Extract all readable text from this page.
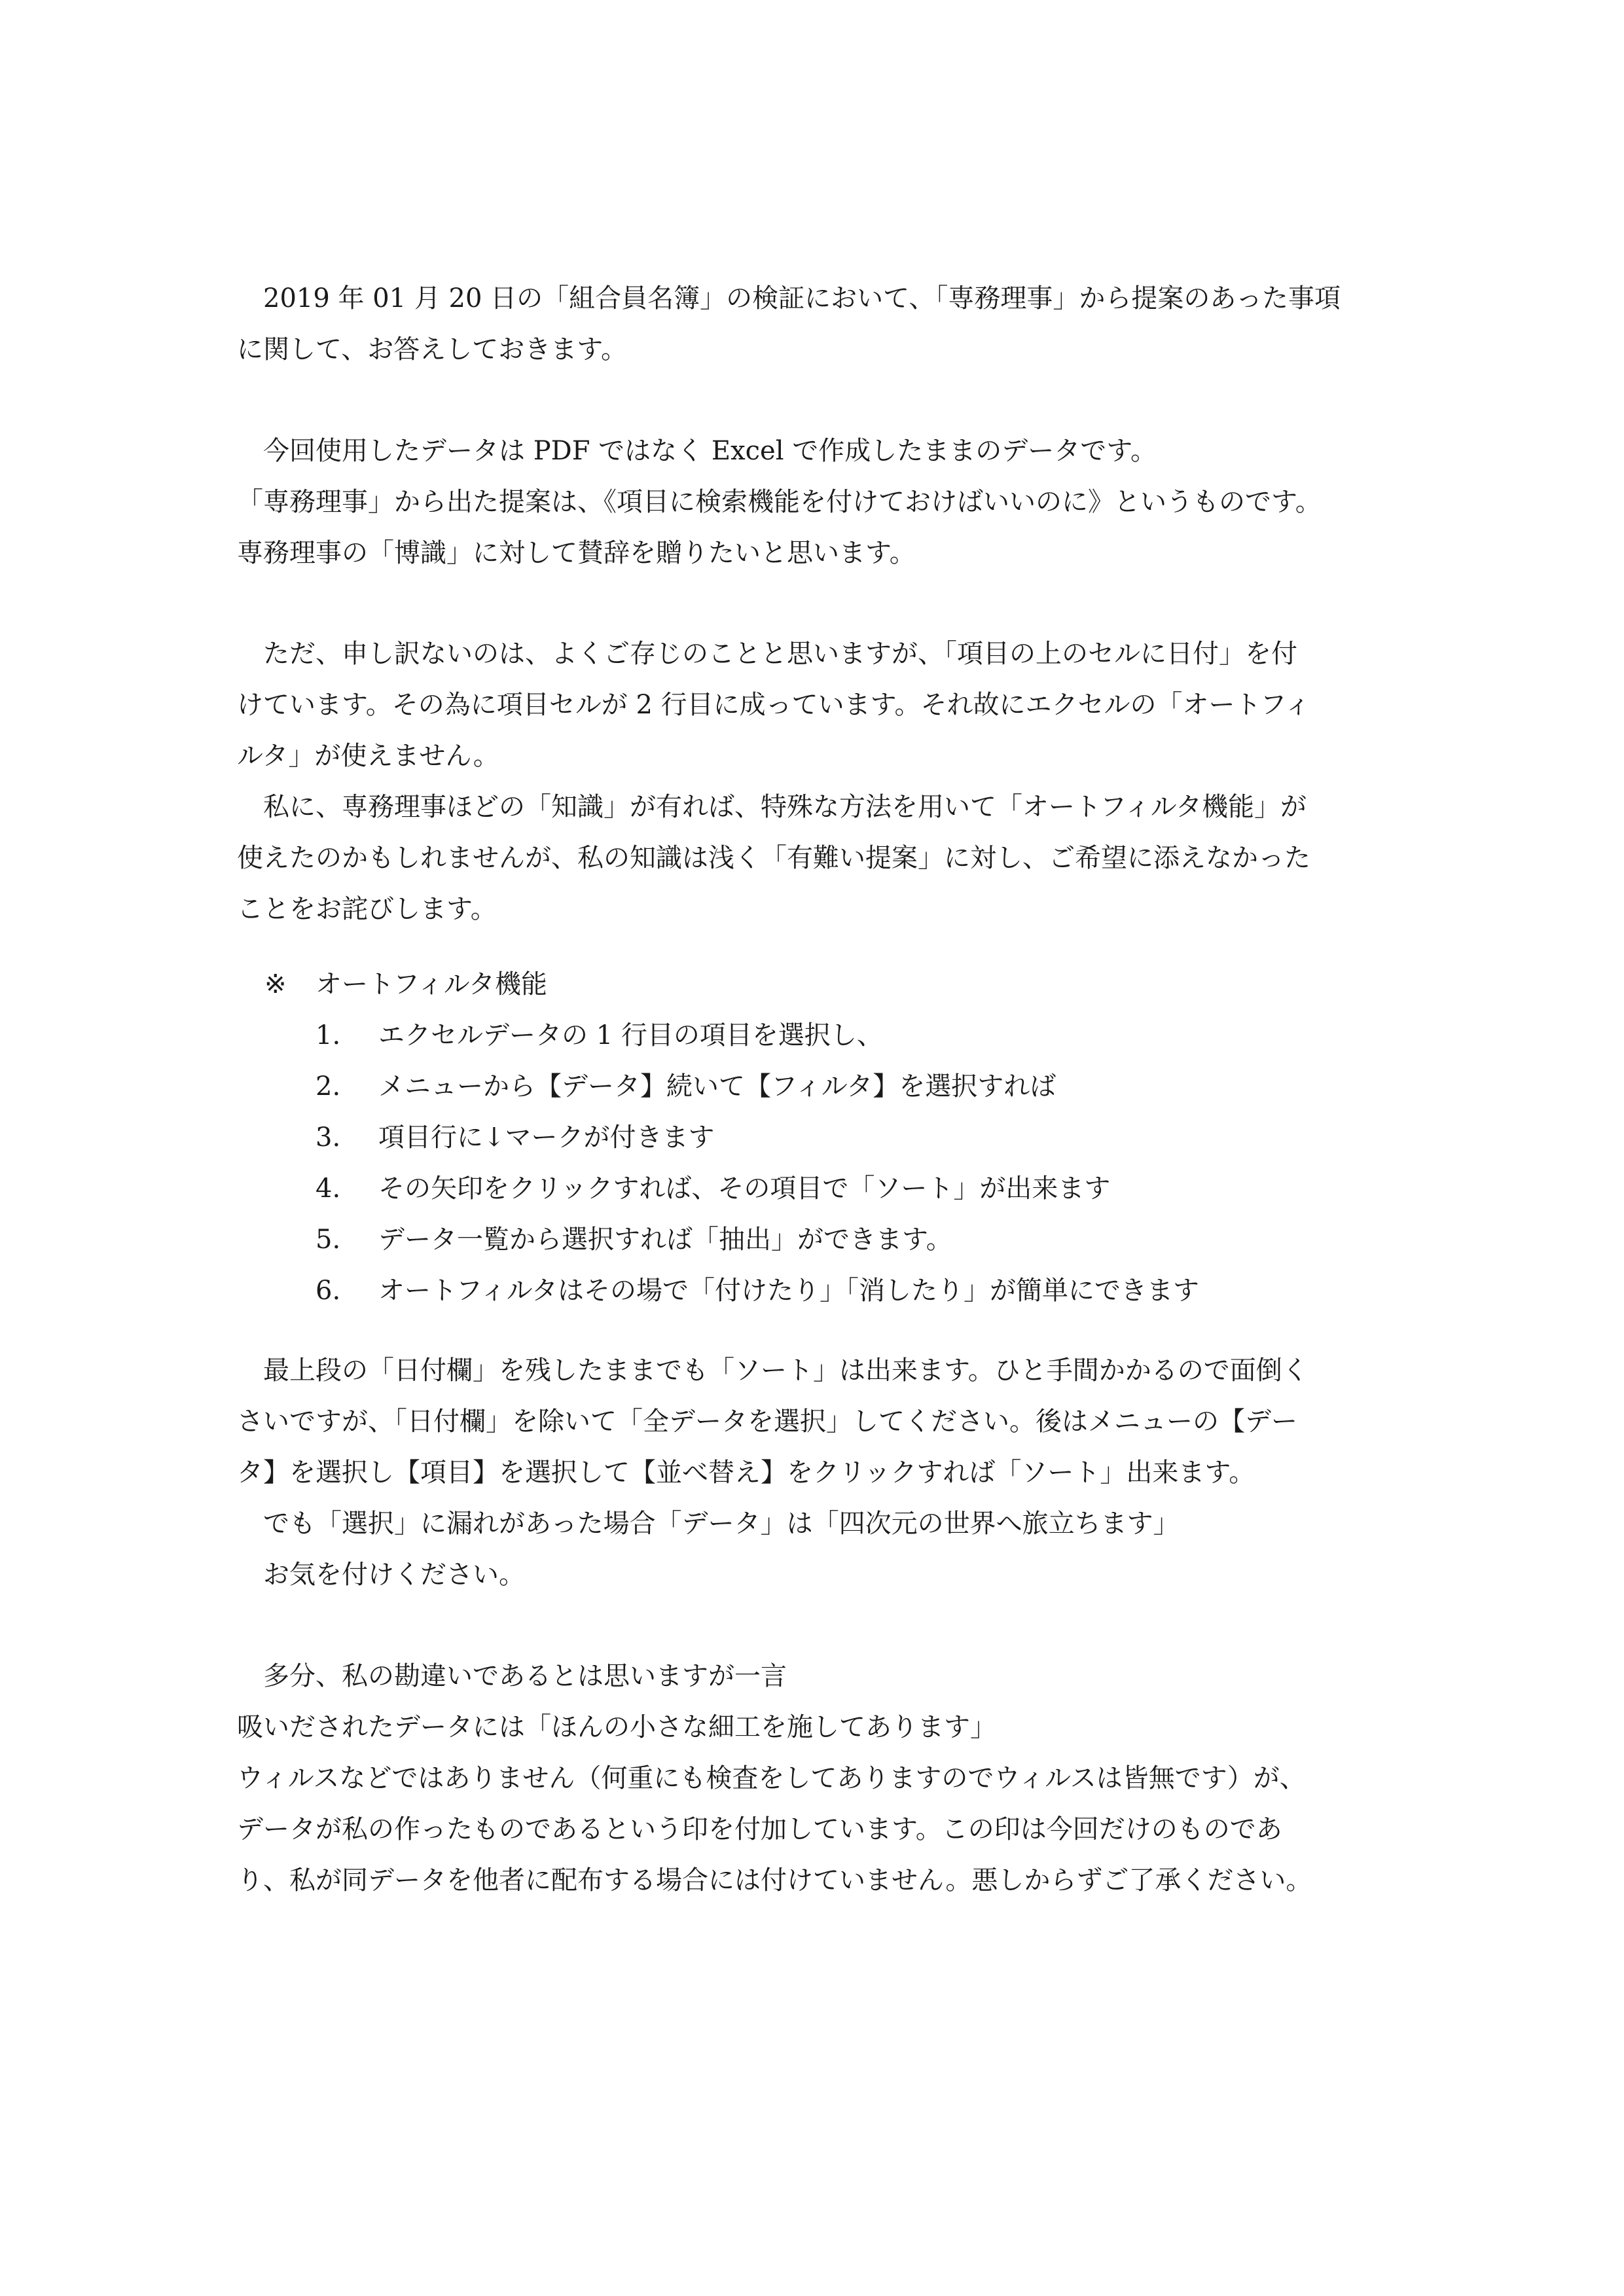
　2019 年 01 月 20 日の「組合員名簿」の検証において、「専務理事」から提案のあった事項
に関して、お答えしておきます。
　今回使用したデータは PDF ではなく Excel で作成したままのデータです。
「専務理事」から出た提案は、《項目に検索機能を付けておけばいいのに》というものです。
専務理事の「博識」に対して賛辞を贈りたいと思います。
　ただ、申し訳ないのは、よくご存じのことと思いますが、「項目の上のセルに日付」を付
けています。その為に項目セルが 2 行目に成っています。それ故にエクセルの「オートフィ
ルタ」が使えません。
　私に、専務理事ほどの「知識」が有れば、特殊な方法を用いて「オートフィルタ機能」が
使えたのかもしれませんが、私の知識は浅く「有難い提案」に対し、ご希望に添えなかった
ことをお詫びします。
※ オートフィルタ機能
1. エクセルデータの 1 行目の項目を選択し、
2. メニューから【データ】続いて【フィルタ】を選択すれば
3. 項目行に↓マークが付きます
4. その矢印をクリックすれば、その項目で「ソート」が出来ます
5. データ一覧から選択すれば「抽出」ができます。
6. オートフィルタはその場で「付けたり」「消したり」が簡単にできます
　最上段の「日付欄」を残したままでも「ソート」は出来ます。ひと手間かかるので面倒く
さいですが、「日付欄」を除いて「全データを選択」してください。後はメニューの【デー
タ】を選択し【項目】を選択して【並べ替え】をクリックすれば「ソート」出来ます。
　でも「選択」に漏れがあった場合「データ」は「四次元の世界へ旅立ちます」
　お気を付けください。
　多分、私の勘違いであるとは思いますが一言
吸いだされたデータには「ほんの小さな細工を施してあります」
ウィルスなどではありません（何重にも検査をしてありますのでウィルスは皆無です）が、
データが私の作ったものであるという印を付加しています。この印は今回だけのものであ
り、私が同データを他者に配布する場合には付けていません。悪しからずご了承ください。
